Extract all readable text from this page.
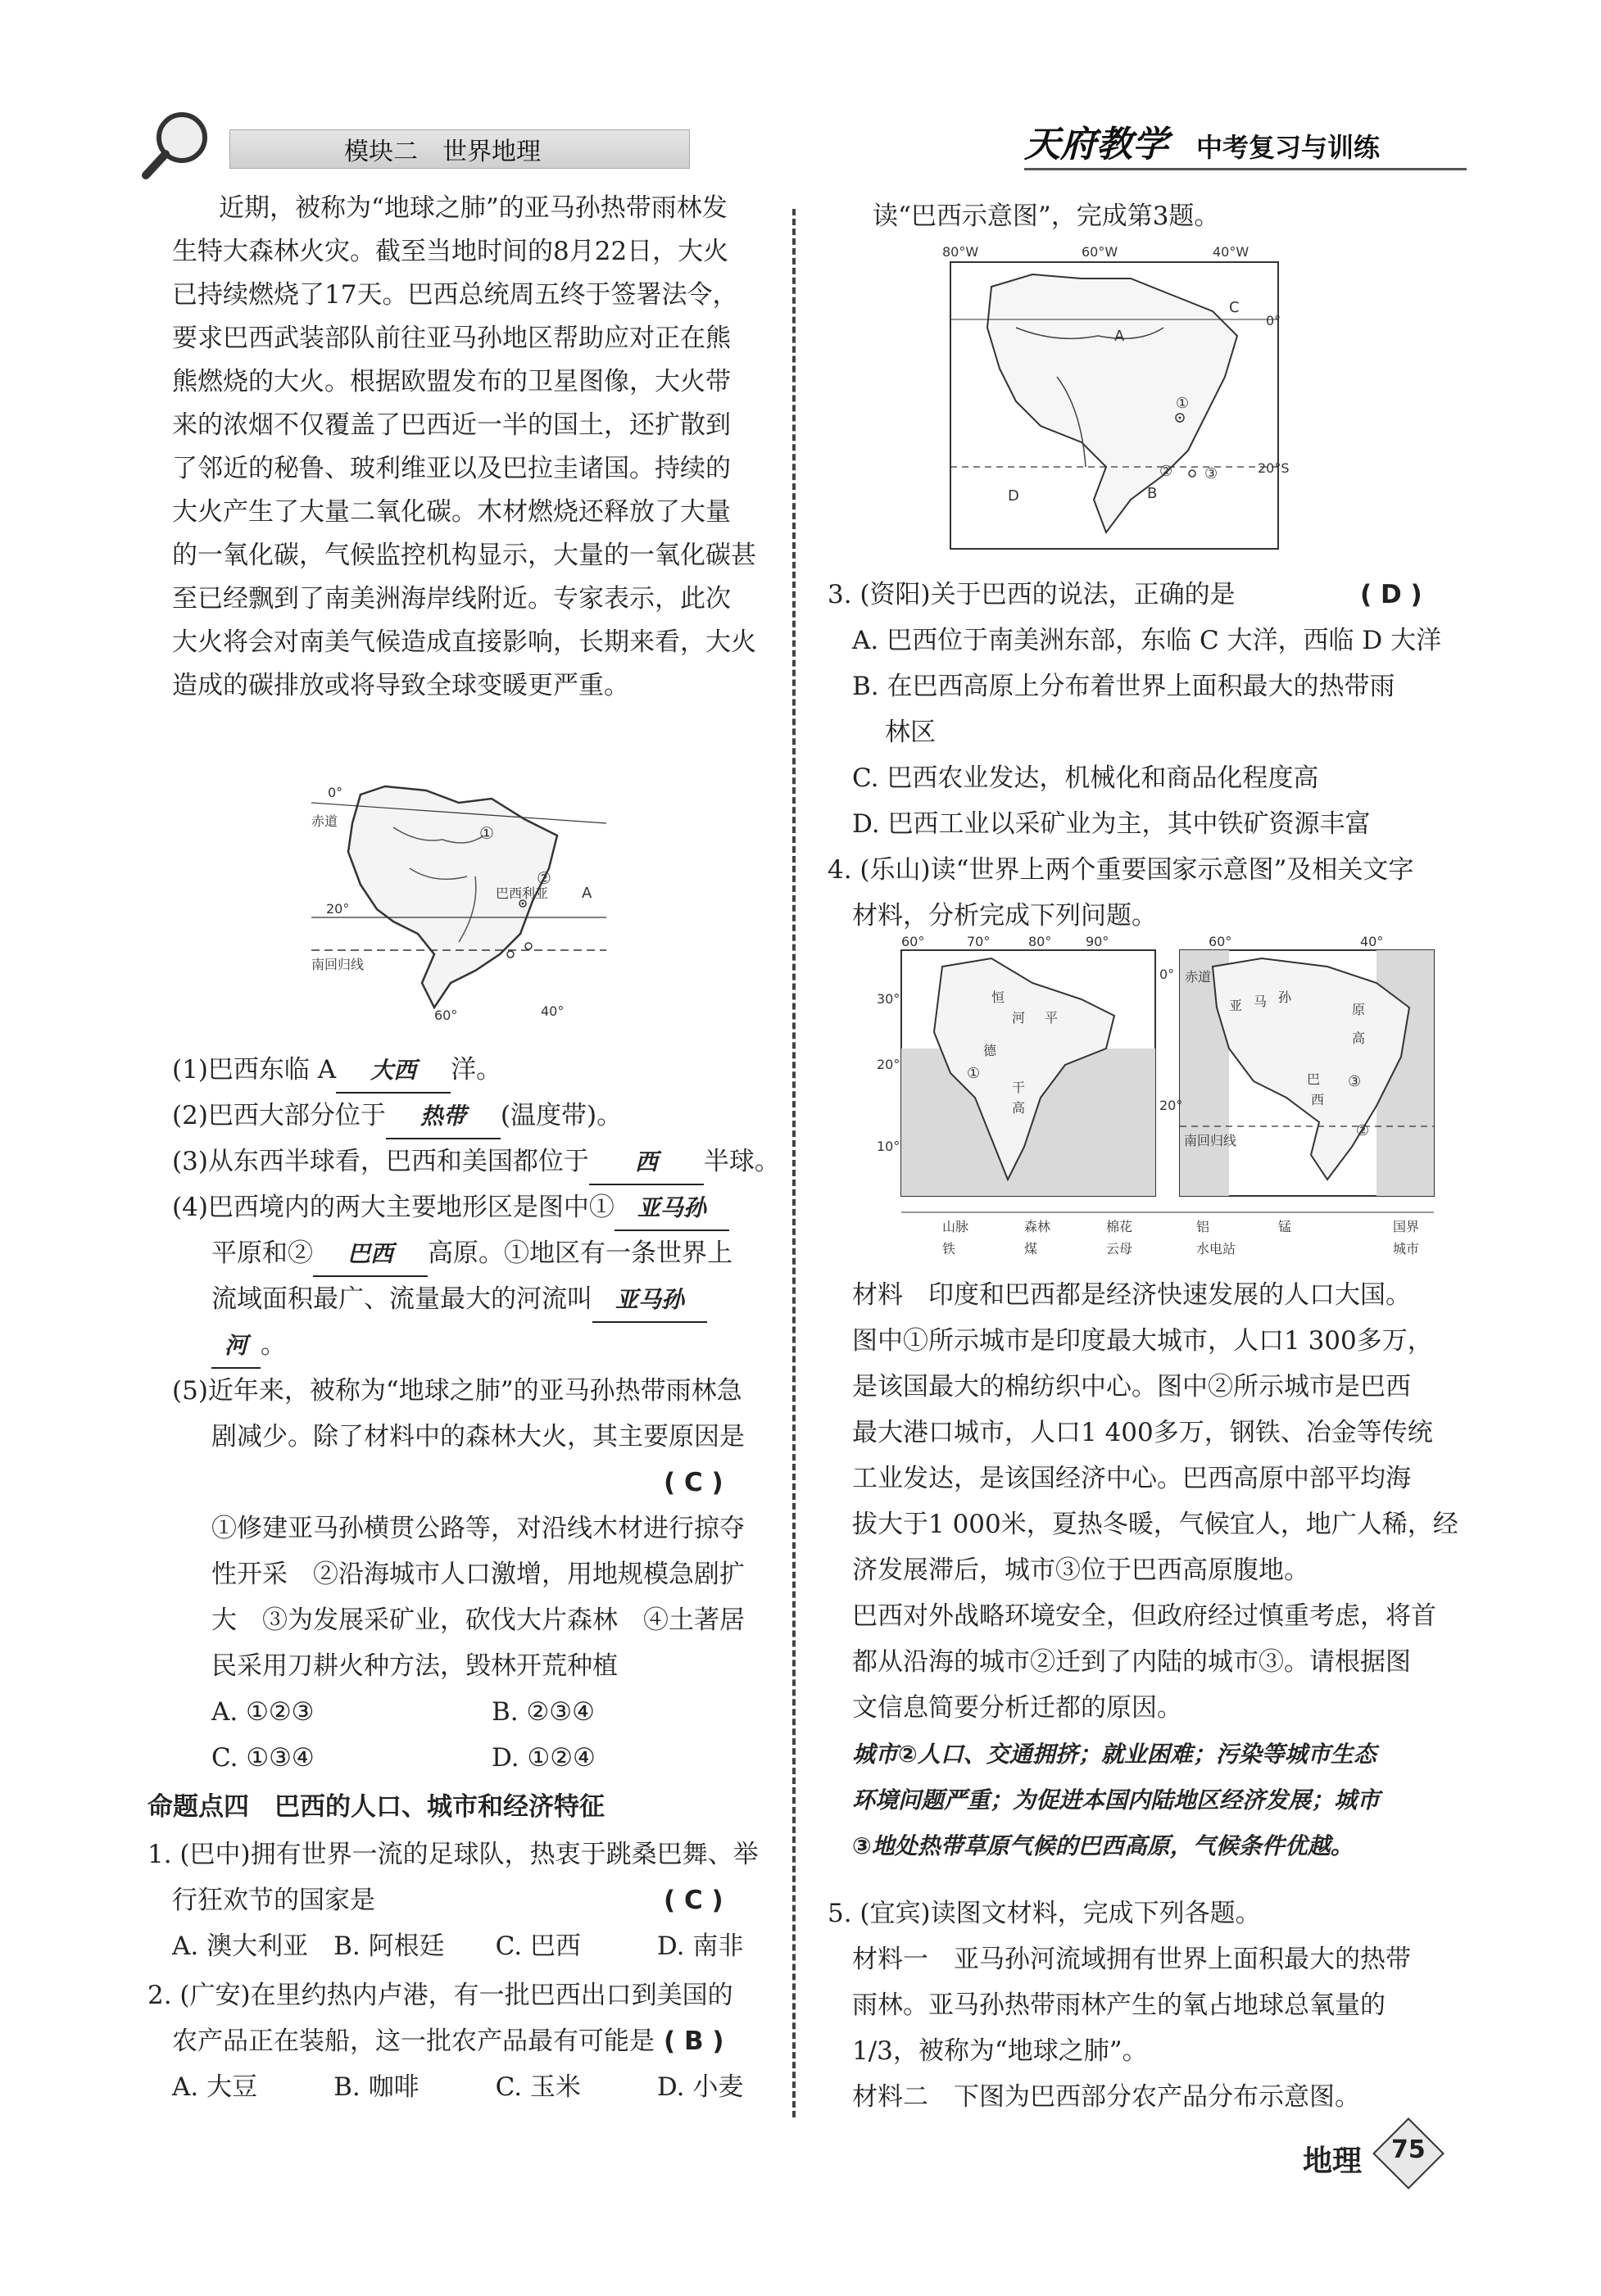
模块二　世界地理	天府教学 中考复习与训练
近期，被称为“地球之肺”的亚马孙热带雨林发
生特大森林火灾。截至当地时间的8月22日，大火
已持续燃烧了17天。巴西总统周五终于签署法令，
要求巴西武装部队前往亚马孙地区帮助应对正在熊
熊燃烧的大火。根据欧盟发布的卫星图像，大火带
来的浓烟不仅覆盖了巴西近一半的国土，还扩散到
了邻近的秘鲁、玻利维亚以及巴拉圭诸国。持续的
大火产生了大量二氧化碳。木材燃烧还释放了大量
的一氧化碳，气候监控机构显示，大量的一氧化碳甚
至已经飘到了南美洲海岸线附近。专家表示，此次
大火将会对南美气候造成直接影响，长期来看，大火
造成的碳排放或将导致全球变暖更严重。
0°
赤道
20°
南回归线
60°	40°
①
②
巴西利亚 A
(1)巴西东临 A 大西 洋。
(2)巴西大部分位于 热带 (温度带)。
(3)从东西半球看，巴西和美国都位于 西 半球。
(4)巴西境内的两大主要地形区是图中① 亚马孙
平原和② 巴西 高原。①地区有一条世界上
流域面积最广、流量最大的河流叫 亚马孙
河 。
(5)近年来，被称为“地球之肺”的亚马孙热带雨林急
剧减少。除了材料中的森林大火，其主要原因是
( C )
①修建亚马孙横贯公路等，对沿线木材进行掠夺
性开采　②沿海城市人口激增，用地规模急剧扩
大　③为发展采矿业，砍伐大片森林　④土著居
民采用刀耕火种方法，毁林开荒种植
A. ①②③	B. ②③④
C. ①③④	D. ①②④
命题点四　巴西的人口、城市和经济特征
1. (巴中)拥有世界一流的足球队，热衷于跳桑巴舞、举
行狂欢节的国家是	( C )
A. 澳大利亚　B. 阿根廷　　C. 巴西　　　D. 南非
2. (广安)在里约热内卢港，有一批巴西出口到美国的
农产品正在装船，这一批农产品最有可能是 ( B )
A. 大豆　　　B. 咖啡　　　C. 玉米　　　D. 小麦
读“巴西示意图”，完成第3题。
80°W	60°W	40°W
C
0°
A
①
② ③
B
D
20°S
3. (资阳)关于巴西的说法，正确的是	( D )
A. 巴西位于南美洲东部，东临 C 大洋，西临 D 大洋
B. 在巴西高原上分布着世界上面积最大的热带雨
林区
C. 巴西农业发达，机械化和商品化程度高
D. 巴西工业以采矿业为主，其中铁矿资源丰富
4. (乐山)读“世界上两个重要国家示意图”及相关文字
材料，分析完成下列问题。
60°	70°	80°	90°
30°
20°
10°
恒
河 平
德
干
高
①
60°	40°
0° 赤道
20°
南回归线
亚 马 孙
原
高
巴
西
③
②
山脉	森林	棉花	铝	锰	国界
铁	煤	云母	水电站	城市
材料　印度和巴西都是经济快速发展的人口大国。
图中①所示城市是印度最大城市，人口1 300多万，
是该国最大的棉纺织中心。图中②所示城市是巴西
最大港口城市，人口1 400多万，钢铁、冶金等传统
工业发达，是该国经济中心。巴西高原中部平均海
拔大于1 000米，夏热冬暖，气候宜人，地广人稀，经
济发展滞后，城市③位于巴西高原腹地。
巴西对外战略环境安全，但政府经过慎重考虑，将首
都从沿海的城市②迁到了内陆的城市③。请根据图
文信息简要分析迁都的原因。
城市②人口、交通拥挤；就业困难；污染等城市生态
环境问题严重；为促进本国内陆地区经济发展；城市
③地处热带草原气候的巴西高原，气候条件优越。
5. (宜宾)读图文材料，完成下列各题。
材料一　亚马孙河流域拥有世界上面积最大的热带
雨林。亚马孙热带雨林产生的氧占地球总氧量的
1/3，被称为“地球之肺”。
材料二　下图为巴西部分农产品分布示意图。
地理 75
